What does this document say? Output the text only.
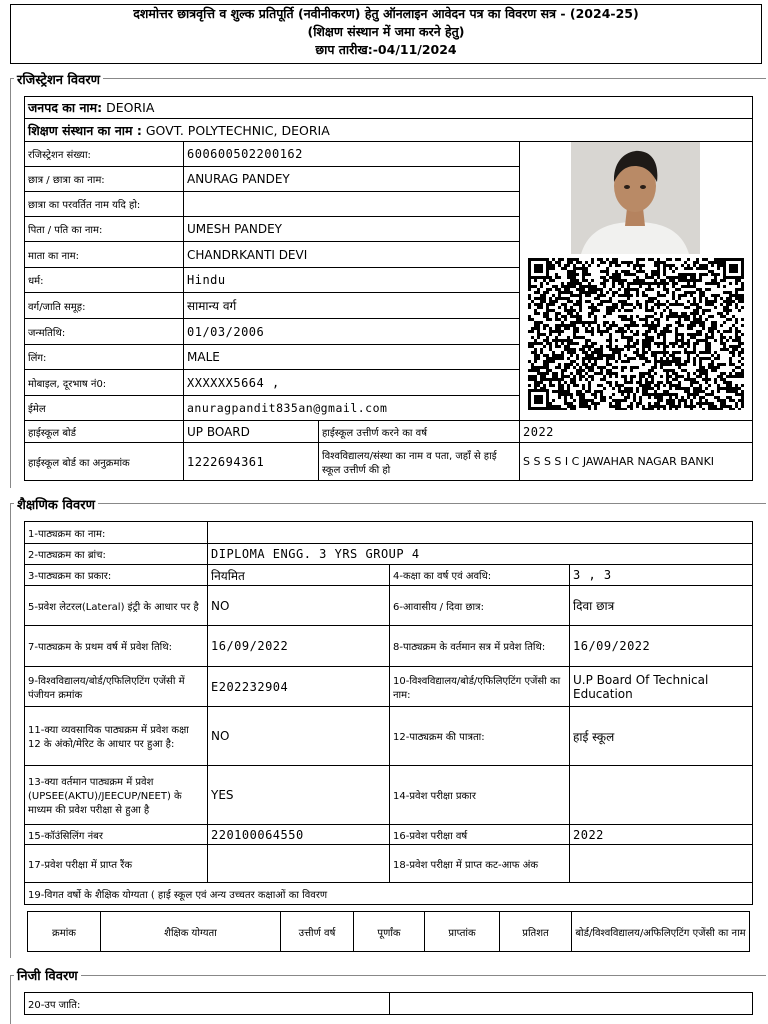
दशमोत्तर छात्रवृत्ति व शुल्क प्रतिपूर्ति (नवीनीकरण) हेतु ऑनलाइन आवेदन पत्र का विवरण सत्र - (2024-25)
(शिक्षण संस्थान में जमा करने हेतु)
छाप तारीख:-04/11/2024
रजिस्ट्रेशन विवरण
जनपद का नाम: DEORIA			
शिक्षण संस्थान का नाम : GOVT. POLYTECHNIC, DEORIA			
रजिस्ट्रेशन संख्या:	600600502200162		
छात्र / छात्रा का नाम:	ANURAG PANDEY		
छात्रा का परवर्तित नाम यदि हो:			
पिता / पति का नाम:	UMESH PANDEY		
माता का नाम:	CHANDRKANTI DEVI		
धर्म:	Hindu		
वर्ग/जाति समूह:	सामान्य वर्ग		
जन्मतिथि:	01/03/2006		
लिंग:	MALE		
मोबाइल, दूरभाष नं0:	XXXXXX5664 ,		
ईमेल	anuragpandit835an@gmail.com		
हाईस्कूल बोर्ड	UP BOARD	हाईस्कूल उत्तीर्ण करने का वर्ष	2022
हाईस्कूल बोर्ड का अनुक्रमांक	1222694361	विश्वविद्यालय/संस्था का नाम व पता, जहाँ से हाई स्कूल उत्तीर्ण की हो	S S S S I C JAWAHAR NAGAR BANKI
शैक्षणिक विवरण
1-पाठ्यक्रम का नाम:			
2-पाठ्यक्रम का ब्रांच:	DIPLOMA ENGG. 3 YRS GROUP 4		
3-पाठ्यक्रम का प्रकार:	नियमित	4-कक्षा का वर्ष एवं अवधि:	3 , 3
5-प्रवेश लेटरल(Lateral) इंट्री के आधार पर है	NO	6-आवासीय / दिवा छात्र:	दिवा छात्र
7-पाठ्यक्रम के प्रथम वर्ष में प्रवेश तिथि:	16/09/2022	8-पाठ्यक्रम के वर्तमान सत्र में प्रवेश तिथि:	16/09/2022
9-विश्वविद्यालय/बोर्ड/एफिलिएटिंग एजेंसी में पंजीयन क्रमांक	E202232904	10-विश्वविद्यालय/बोर्ड/एफिलिएटिंग एजेंसी का नाम:	U.P Board Of Technical Education
11-क्या व्यवसायिक पाठ्यक्रम में प्रवेश कक्षा 12 के अंको/मेरिट के आधार पर हुआ है:	NO	12-पाठ्यक्रम की पात्रता:	हाई स्कूल
13-क्या वर्तमान पाठ्यक्रम में प्रवेश (UPSEE(AKTU)/JEECUP/NEET) के माध्यम की प्रवेश परीक्षा से हुआ है	YES	14-प्रवेश परीक्षा प्रकार	
15-कॉउंसिलिंग नंबर	220100064550	16-प्रवेश परीक्षा वर्ष	2022
17-प्रवेश परीक्षा में प्राप्त रैंक		18-प्रवेश परीक्षा में प्राप्त कट-आफ अंक	
19-विगत वर्षो के शैक्षिक योग्यता ( हाई स्कूल एवं अन्य उच्चतर कक्षाओं का विवरण			
क्रमांक	शैक्षिक योग्यता	उत्तीर्ण वर्ष	पूर्णांक	प्राप्तांक	प्रतिशत	बोर्ड/विश्वविद्यालय/अफिलिएटिंग एजेंसी का नाम
निजी विवरण
20-उप जाति:	
